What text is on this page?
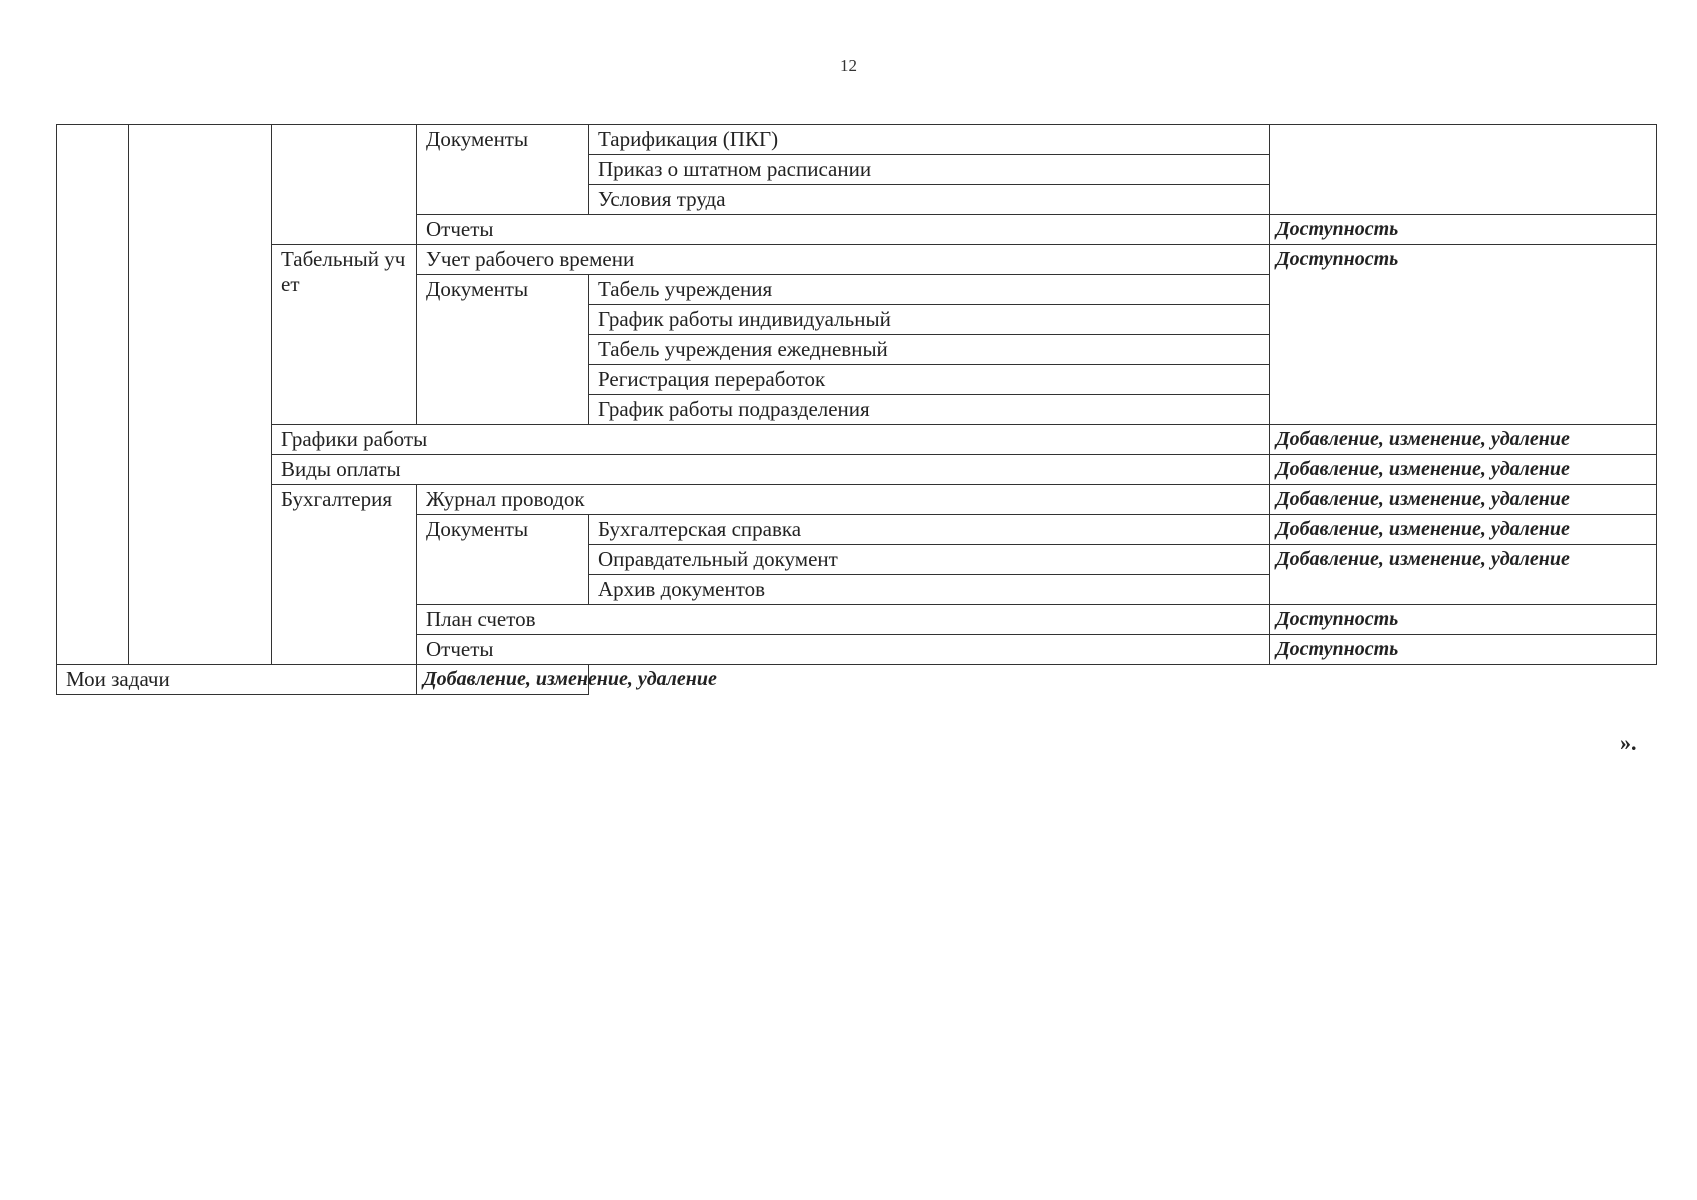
12
			Документы	Тарификация (ПКГ)	
				Приказ о штатном расписании	
				Условия труда	
			Отчеты		Доступность
		Табельный учет	Учет рабочего времени		Доступность
			Документы	Табель учреждения	
				График работы индивидуальный	
				Табель учреждения ежедневный	
				Регистрация переработок	
				График работы подразделения	
		Графики работы			Добавление, изменение, удаление
		Виды оплаты			Добавление, изменение, удаление
		Бухгалтерия	Журнал проводок		Добавление, изменение, удаление
			Документы	Бухгалтерская справка	Добавление, изменение, удаление
				Оправдательный документ	Добавление, изменение, удаление
				Архив документов	
			План счетов		Доступность
			Отчеты		Доступность
Мои задачи			Добавление, изменение, удаление		
».
